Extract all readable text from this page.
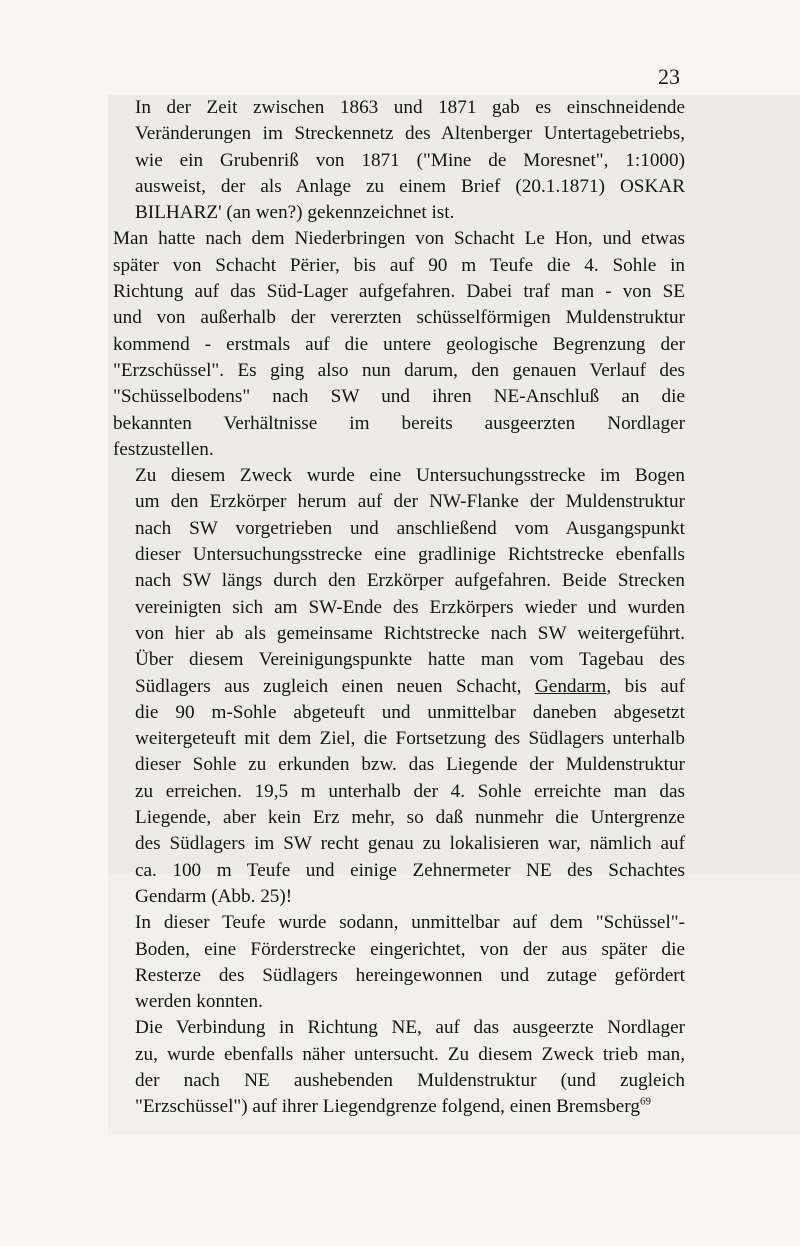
23

In der Zeit zwischen 1863 und 1871 gab es einschneidende
Veränderungen im Streckennetz des Altenberger Untertagebetriebs,
wie ein Grubenriß von 1871 ("Mine de Moresnet", 1:1000)
ausweist, der als Anlage zu einem Brief (20.1.1871) OSKAR
BILHARZ' (an wen?) gekennzeichnet ist.

Man hatte nach dem Niederbringen von Schacht Le Hon, und etwas
später von Schacht Përier, bis auf 90 m Teufe die 4. Sohle in
Richtung auf das Süd-Lager aufgefahren. Dabei traf man - von SE
und von außerhalb der vererzten schüsselförmigen Muldenstruktur
kommend - erstmals auf die untere geologische Begrenzung der
"Erzschüssel". Es ging also nun darum, den genauen Verlauf des
"Schüsselbodens" nach SW und ihren NE-Anschluß an die
bekannten Verhältnisse im bereits ausgeerzten Nordlager
festzustellen.

Zu diesem Zweck wurde eine Untersuchungsstrecke im Bogen
um den Erzkörper herum auf der NW-Flanke der Muldenstruktur
nach SW vorgetrieben und anschließend vom Ausgangspunkt
dieser Untersuchungsstrecke eine gradlinige Richtstrecke ebenfalls
nach SW längs durch den Erzkörper aufgefahren. Beide Strecken
vereinigten sich am SW-Ende des Erzkörpers wieder und wurden
von hier ab als gemeinsame Richtstrecke nach SW weitergeführt.
Über diesem Vereinigungspunkte hatte man vom Tagebau des
Südlagers aus zugleich einen neuen Schacht, Gendarm, bis auf
die 90 m-Sohle abgeteuft und unmittelbar daneben abgesetzt
weitergeteuft mit dem Ziel, die Fortsetzung des Südlagers unterhalb
dieser Sohle zu erkunden bzw. das Liegende der Muldenstruktur
zu erreichen. 19,5 m unterhalb der 4. Sohle erreichte man das
Liegende, aber kein Erz mehr, so daß nunmehr die Untergrenze
des Südlagers im SW recht genau zu lokalisieren war, nämlich auf
ca. 100 m Teufe und einige Zehnermeter NE des Schachtes
Gendarm (Abb. 25)!

In dieser Teufe wurde sodann, unmittelbar auf dem "Schüssel"-
Boden, eine Förderstrecke eingerichtet, von der aus später die
Resterze des Südlagers hereingewonnen und zutage gefördert
werden konnten.

Die Verbindung in Richtung NE, auf das ausgeerzte Nordlager
zu, wurde ebenfalls näher untersucht. Zu diesem Zweck trieb man,
der nach NE aushebenden Muldenstruktur (und zugleich
"Erzschüssel") auf ihrer Liegendgrenze folgend, einen Bremsberg$^{69}$
